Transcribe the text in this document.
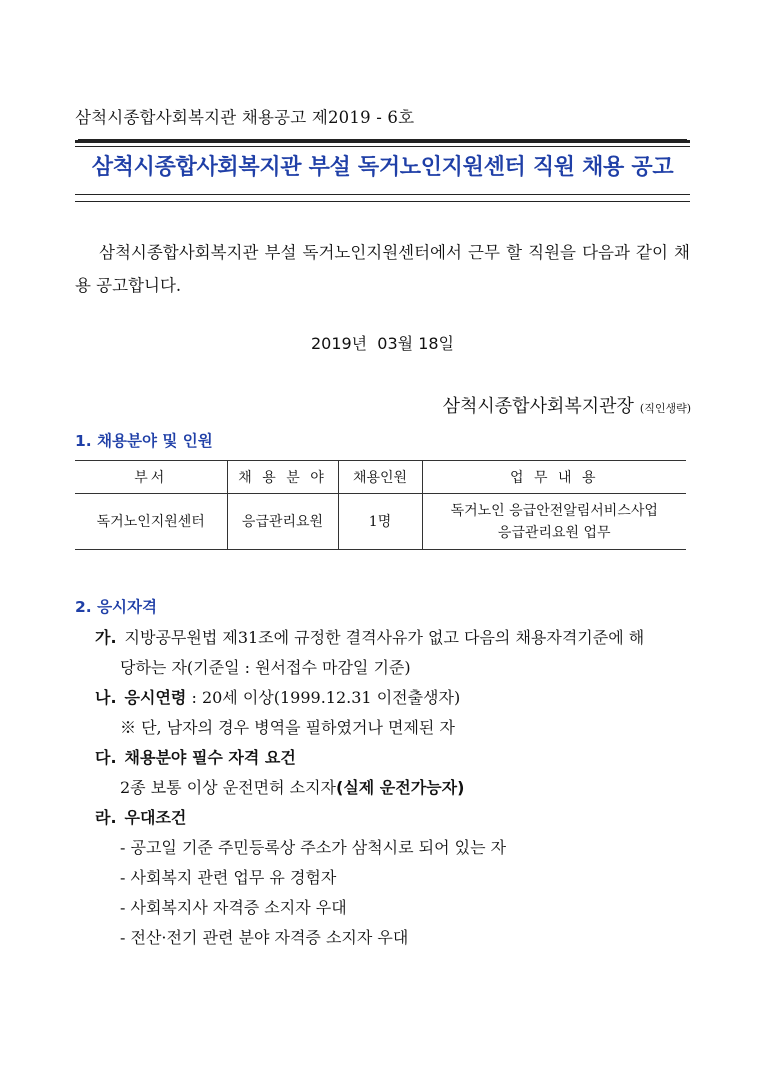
삼척시종합사회복지관 채용공고 제2019 - 6호
삼척시종합사회복지관 부설 독거노인지원센터 직원 채용 공고
삼척시종합사회복지관 부설 독거노인지원센터에서 근무 할 직원을 다음과 같이 채용 공고합니다.
2019년  03월 18일
삼척시종합사회복지관장 (직인생략)
1. 채용분야 및 인원
부서	채 용 분 야	채용인원	업 무 내 용
독거노인지원센터	응급관리요원	1명	독거노인 응급안전알림서비스사업
응급관리요원 업무
2. 응시자격
가. 지방공무원법 제31조에 규정한 결격사유가 없고 다음의 채용자격기준에 해
당하는 자(기준일 : 원서접수 마감일 기준)
나. 응시연령 : 20세 이상(1999.12.31 이전출생자)
※ 단, 남자의 경우 병역을 필하였거나 면제된 자
다. 채용분야 필수 자격 요건
2종 보통 이상 운전면허 소지자(실제 운전가능자)
라. 우대조건
- 공고일 기준 주민등록상 주소가 삼척시로 되어 있는 자
- 사회복지 관련 업무 유 경험자
- 사회복지사 자격증 소지자 우대
- 전산·전기 관련 분야 자격증 소지자 우대
